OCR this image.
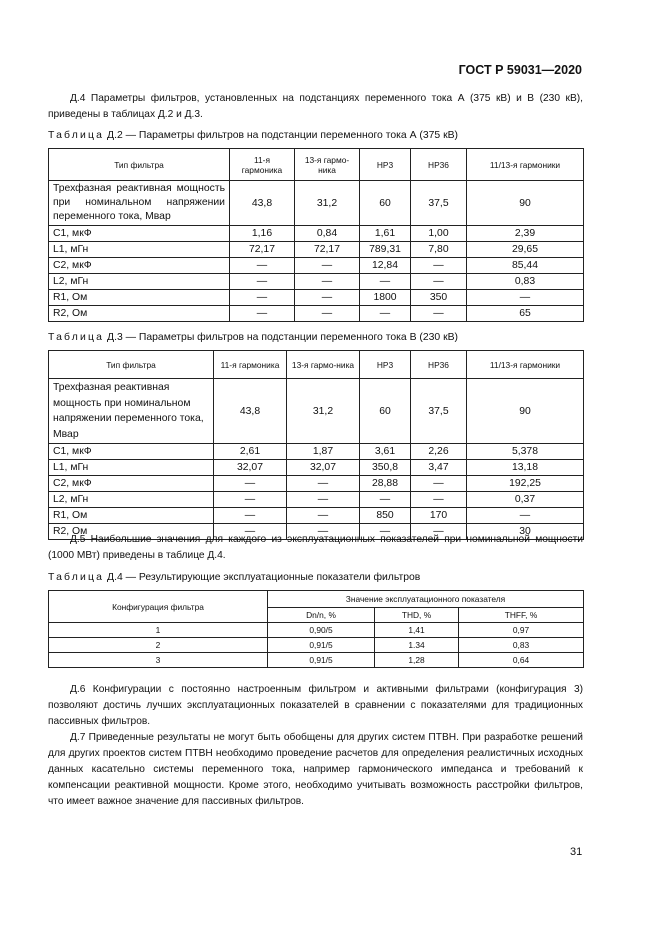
ГОСТ Р 59031—2020
Д.4 Параметры фильтров, установленных на подстанциях переменного тока А (375 кВ) и В (230 кВ), приведены в таблицах Д.2 и Д.3.
Таблица Д.2 — Параметры фильтров на подстанции переменного тока А (375 кВ)
Тип фильтра	11-я гармоника	13-я гармо-ника	HP3	HP36	11/13-я гармоники
Трехфазная реактивная мощность при номинальном напряжении переменного тока, Мвар	43,8	31,2	60	37,5	90
С1, мкФ	1,16	0,84	1,61	1,00	2,39
L1, мГн	72,17	72,17	789,31	7,80	29,65
С2, мкФ	—	—	12,84	—	85,44
L2, мГн	—	—	—	—	0,83
R1, Ом	—	—	1800	350	—
R2, Ом	—	—	—	—	65
Таблица Д.3 — Параметры фильтров на подстанции переменного тока В (230 кВ)
Тип фильтра	11-я гармоника	13-я гармо-ника	HP3	HP36	11/13-я гармоники
Трехфазная реактивная мощность при номинальном напряжении переменного тока, Мвар	43,8	31,2	60	37,5	90
С1, мкФ	2,61	1,87	3,61	2,26	5,378
L1, мГн	32,07	32,07	350,8	3,47	13,18
С2, мкФ	—	—	28,88	—	192,25
L2, мГн	—	—	—	—	0,37
R1, Ом	—	—	850	170	—
R2, Ом	—	—	—	—	30
Д.5 Наибольшие значения для каждого из эксплуатационных показателей при номинальной мощности (1000 МВт) приведены в таблице Д.4.
Таблица Д.4 — Результирующие эксплуатационные показатели фильтров
Конфигурация фильтра	Значение эксплуатационного показателя		
	Dn/n, %	THD, %	THFF, %
1	0,90/5	1,41	0,97
2	0,91/5	1.34	0,83
3	0,91/5	1,28	0,64
Д.6 Конфигурации с постоянно настроенным фильтром и активными фильтрами (конфигурация 3) позволяют достичь лучших эксплуатационных показателей в сравнении с показателями для традиционных пассивных фильтров.
Д.7 Приведенные результаты не могут быть обобщены для других систем ПТВН. При разработке решений для других проектов систем ПТВН необходимо проведение расчетов для определения реалистичных исходных данных касательно системы переменного тока, например гармонического импеданса и требований к компенсации реактивной мощности. Кроме этого, необходимо учитывать возможность расстройки фильтров, что имеет важное значение для пассивных фильтров.
31
